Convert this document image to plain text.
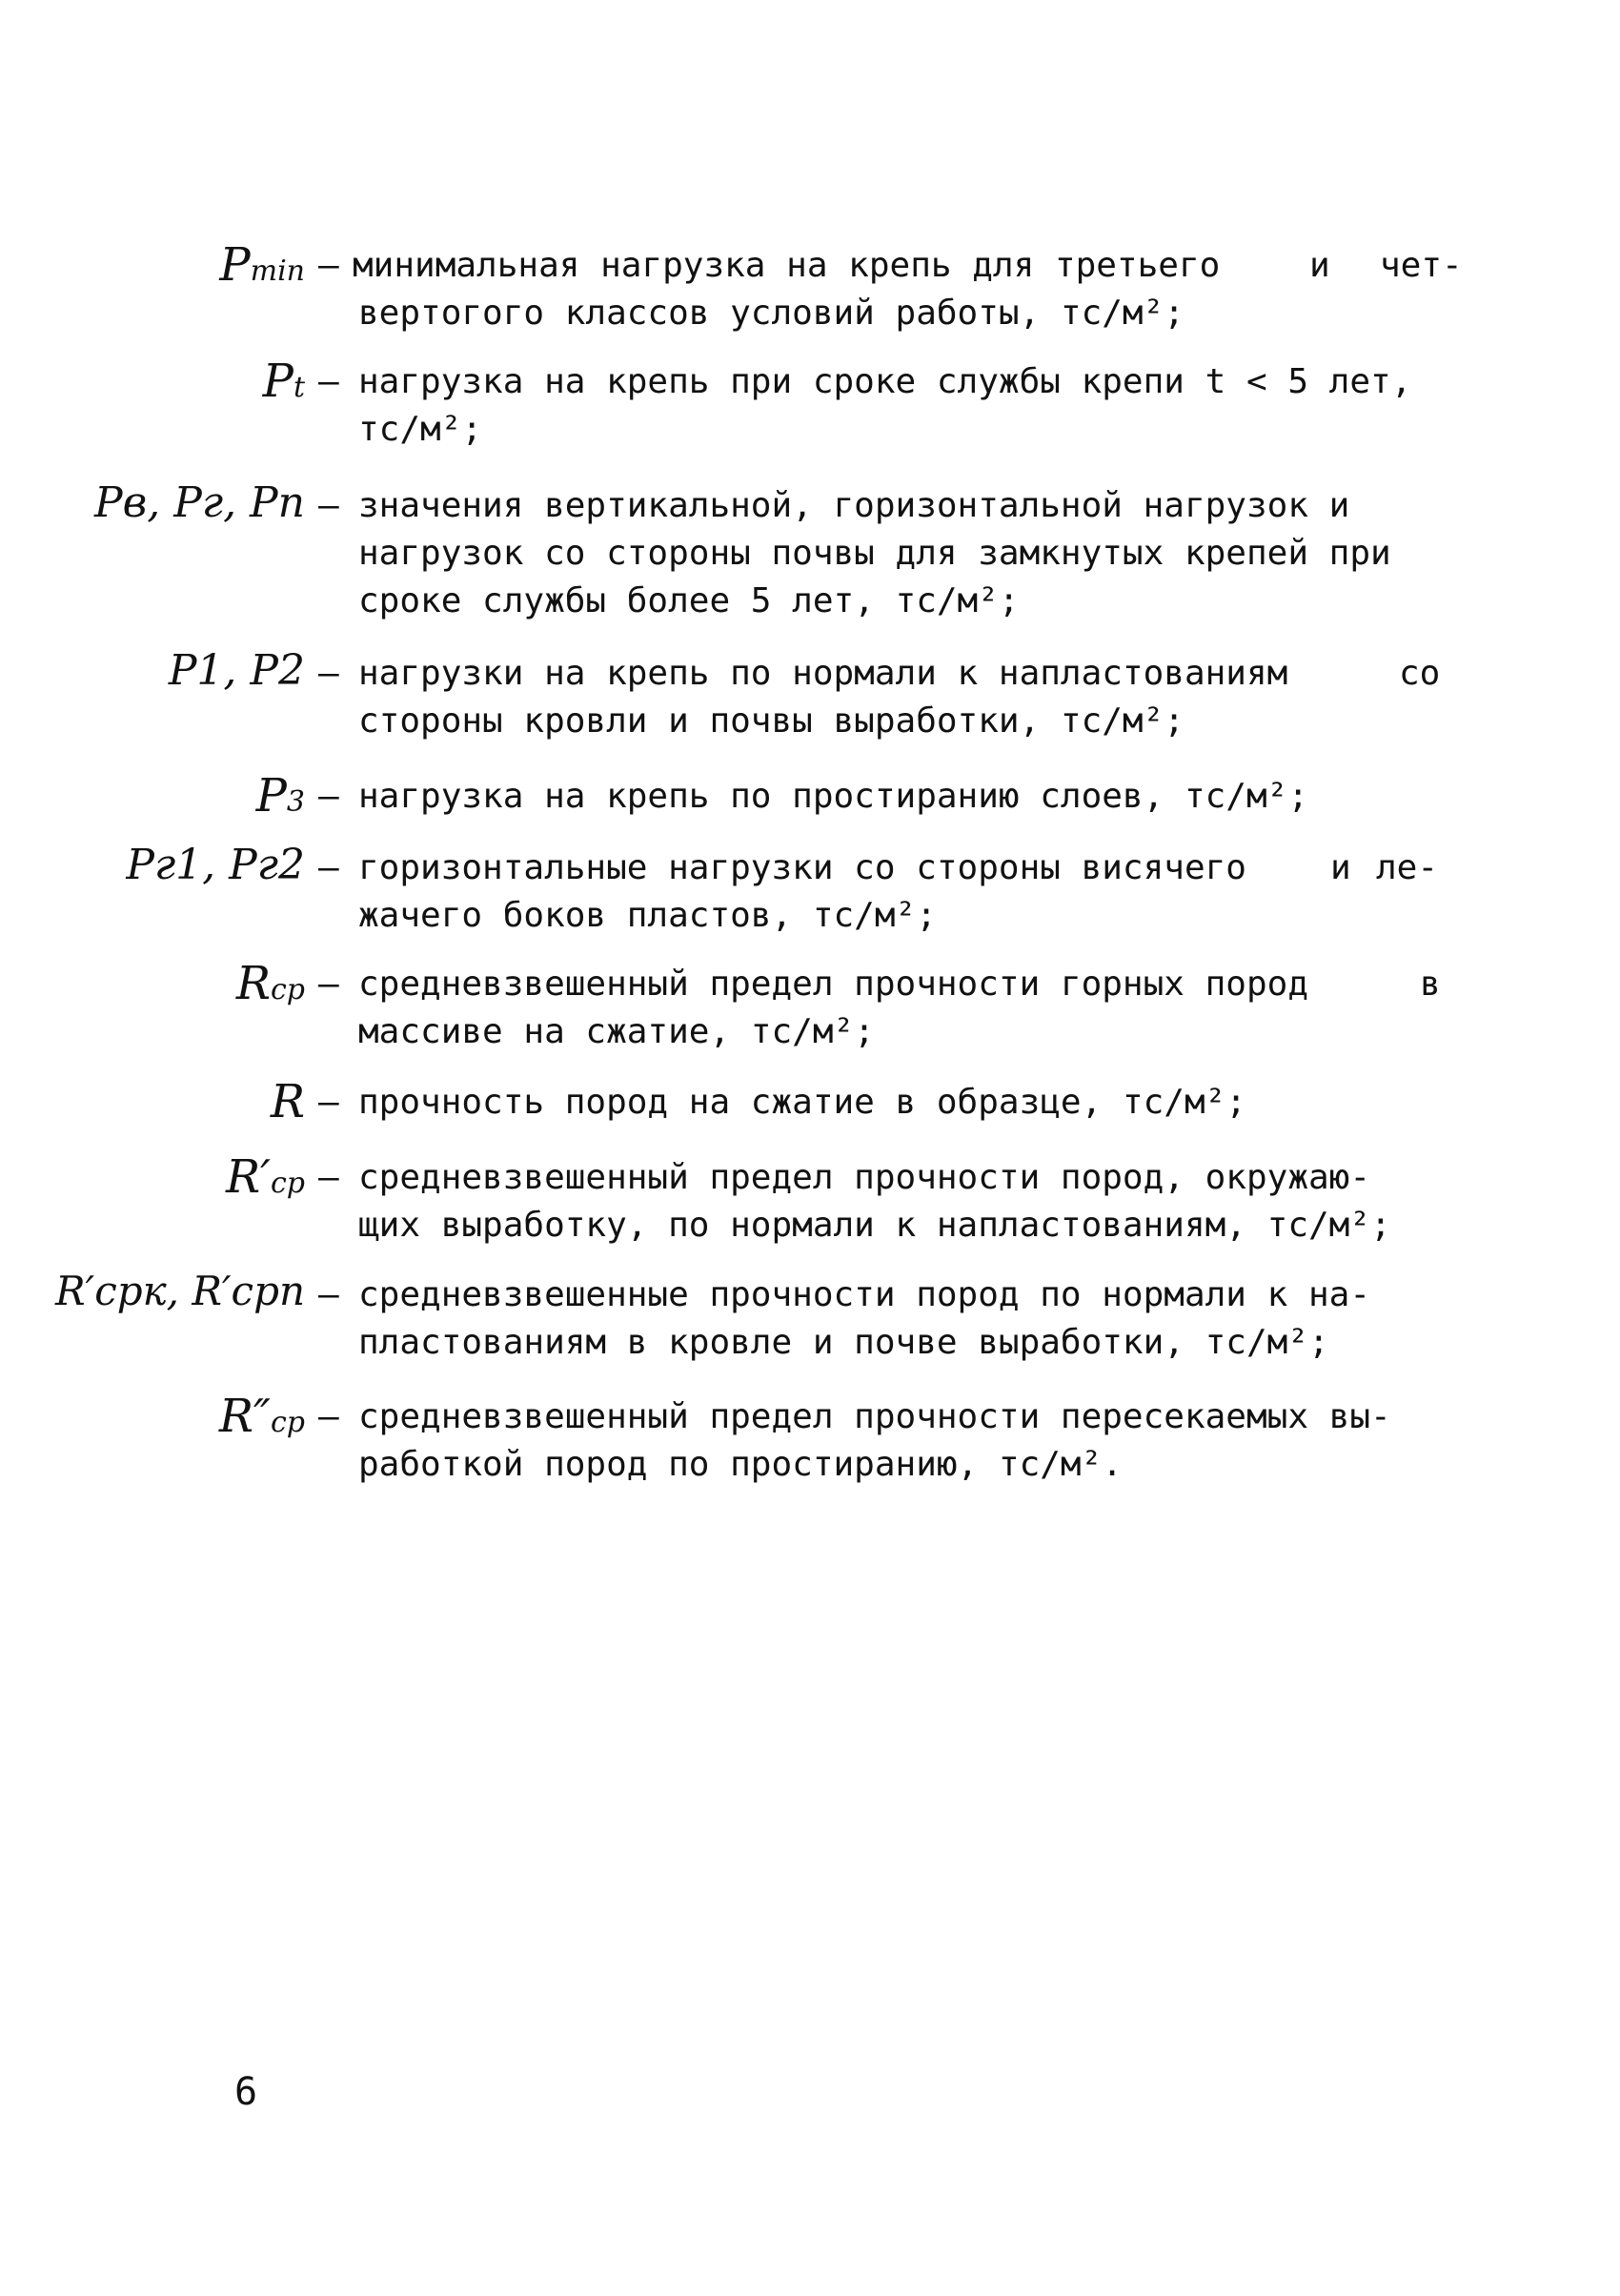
Pmin – минимальная нагрузка на крепь для третьего	и чет-
вертогого классов условий работы, тс/м²;
Pt – нагрузка на крепь при сроке службы крепи t < 5 лет,
тс/м²;
Pв, Pг, Pп – значения вертикальной, горизонтальной нагрузок и
нагрузок со стороны почвы для замкнутых крепей при
сроке службы более 5 лет, тс/м²;
P1, P2 – нагрузки на крепь по нормали к напластованиям	со
стороны кровли и почвы выработки, тс/м²;
P3 – нагрузка на крепь по простиранию слоев, тс/м²;
Pг1, Pг2 – горизонтальные нагрузки со стороны висячего и ле-
жачего боков пластов, тс/м²;
Rср – средневзвешенный предел прочности горных пород	в
массиве на сжатие, тс/м²;
R – прочность пород на сжатие в образце, тс/м²;
R′ср – средневзвешенный предел прочности пород, окружаю-
щих выработку, по нормали к напластованиям, тс/м²;
R′срк, R′срп – средневзвешенные прочности пород по нормали к на-
пластованиям в кровле и почве выработки, тс/м²;
R″ср – средневзвешенный предел прочности пересекаемых вы-
работкой пород по простиранию, тс/м².
6
